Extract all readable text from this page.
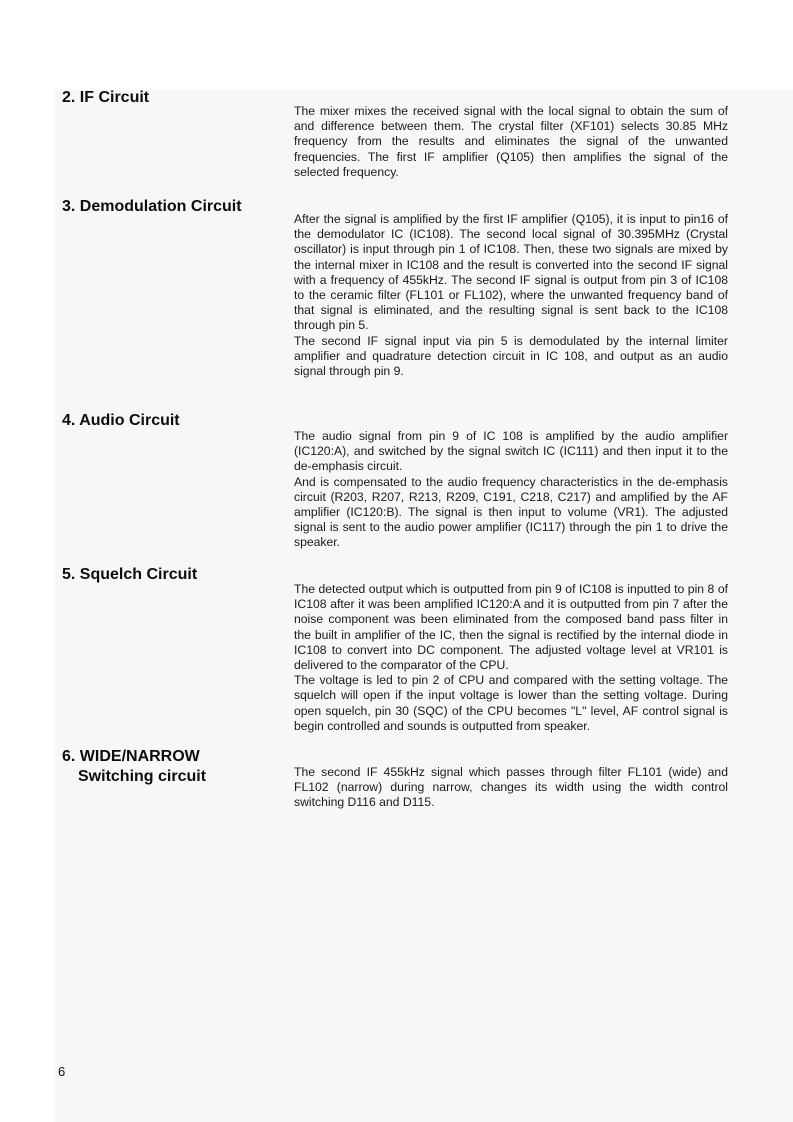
2. IF Circuit

The mixer mixes the received signal with the local signal to obtain the sum of and difference between them. The crystal filter (XF101) selects 30.85 MHz frequency from the results and eliminates the signal of the unwanted frequencies. The first IF amplifier (Q105) then amplifies the signal of the selected frequency.

3. Demodulation Circuit

After the signal is amplified by the first IF amplifier (Q105), it is input to pin16 of the demodulator IC (IC108). The second local signal of 30.395MHz (Crystal oscillator) is input through pin 1 of IC108. Then, these two signals are mixed by the internal mixer in IC108 and the result is converted into the second IF signal with a frequency of 455kHz. The second IF signal is output from pin 3 of IC108 to the ceramic filter (FL101 or FL102), where the unwanted frequency band of that signal is eliminated, and the resulting signal is sent back to the IC108 through pin 5.

The second IF signal input via pin 5 is demodulated by the internal limiter amplifier and quadrature detection circuit in IC 108, and output as an audio signal through pin 9.

4. Audio Circuit

The audio signal from pin 9 of IC 108 is amplified by the audio amplifier (IC120:A), and switched by the signal switch IC (IC111) and then input it to the de-emphasis circuit.

And is compensated to the audio frequency characteristics in the de-emphasis circuit (R203, R207, R213, R209, C191, C218, C217) and amplified by the AF amplifier (IC120:B). The signal is then input to volume (VR1). The adjusted signal is sent to the audio power amplifier (IC117) through the pin 1 to drive the speaker.

5. Squelch Circuit

The detected output which is outputted from pin 9 of IC108 is inputted to pin 8 of IC108 after it was been amplified IC120:A and it is outputted from pin 7 after the noise component was been eliminated from the composed band pass filter in the built in amplifier of the IC, then the signal is rectified by the internal diode in IC108 to convert into DC component. The adjusted voltage level at VR101 is delivered to the comparator of the CPU.

The voltage is led to pin 2 of CPU and compared with the setting voltage. The squelch will open if the input voltage is lower than the setting voltage. During open squelch, pin 30 (SQC) of the CPU becomes "L" level, AF control signal is begin controlled and sounds is outputted from speaker.

6. WIDE/NARROW
Switching circuit	The second IF 455kHz signal which passes through filter FL101 (wide) and FL102 (narrow) during narrow, changes its width using the width control switching D116 and D115.

6
